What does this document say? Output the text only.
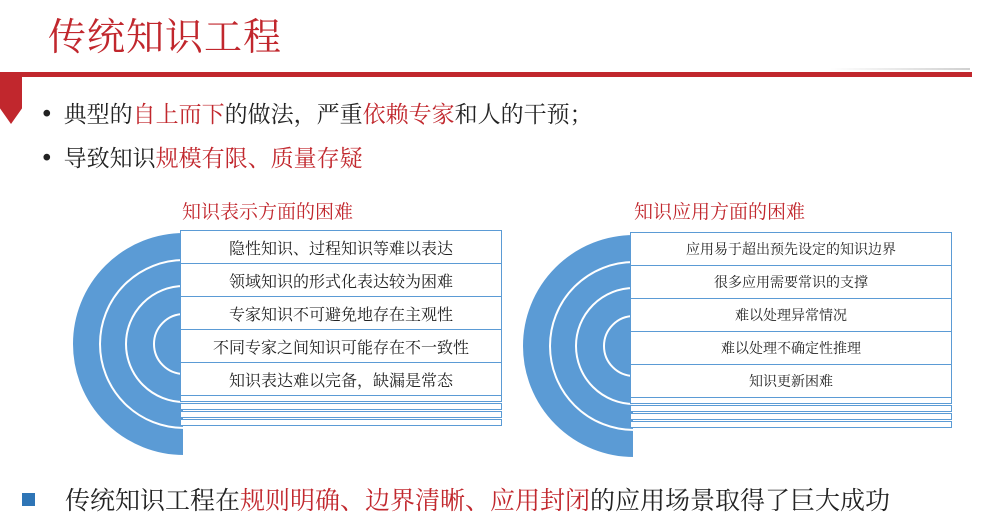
传统知识工程
• 典型的自上而下的做法，严重依赖专家和人的干预；
• 导致知识规模有限、质量存疑
知识表示方面的困难	知识应用方面的困难
隐性知识、过程知识等难以表达
领域知识的形式化表达较为困难
专家知识不可避免地存在主观性
不同专家之间知识可能存在不一致性
知识表达难以完备，缺漏是常态
应用易于超出预先设定的知识边界
很多应用需要常识的支撑
难以处理异常情况
难以处理不确定性推理
知识更新困难
传统知识工程在规则明确、边界清晰、应用封闭的应用场景取得了巨大成功
